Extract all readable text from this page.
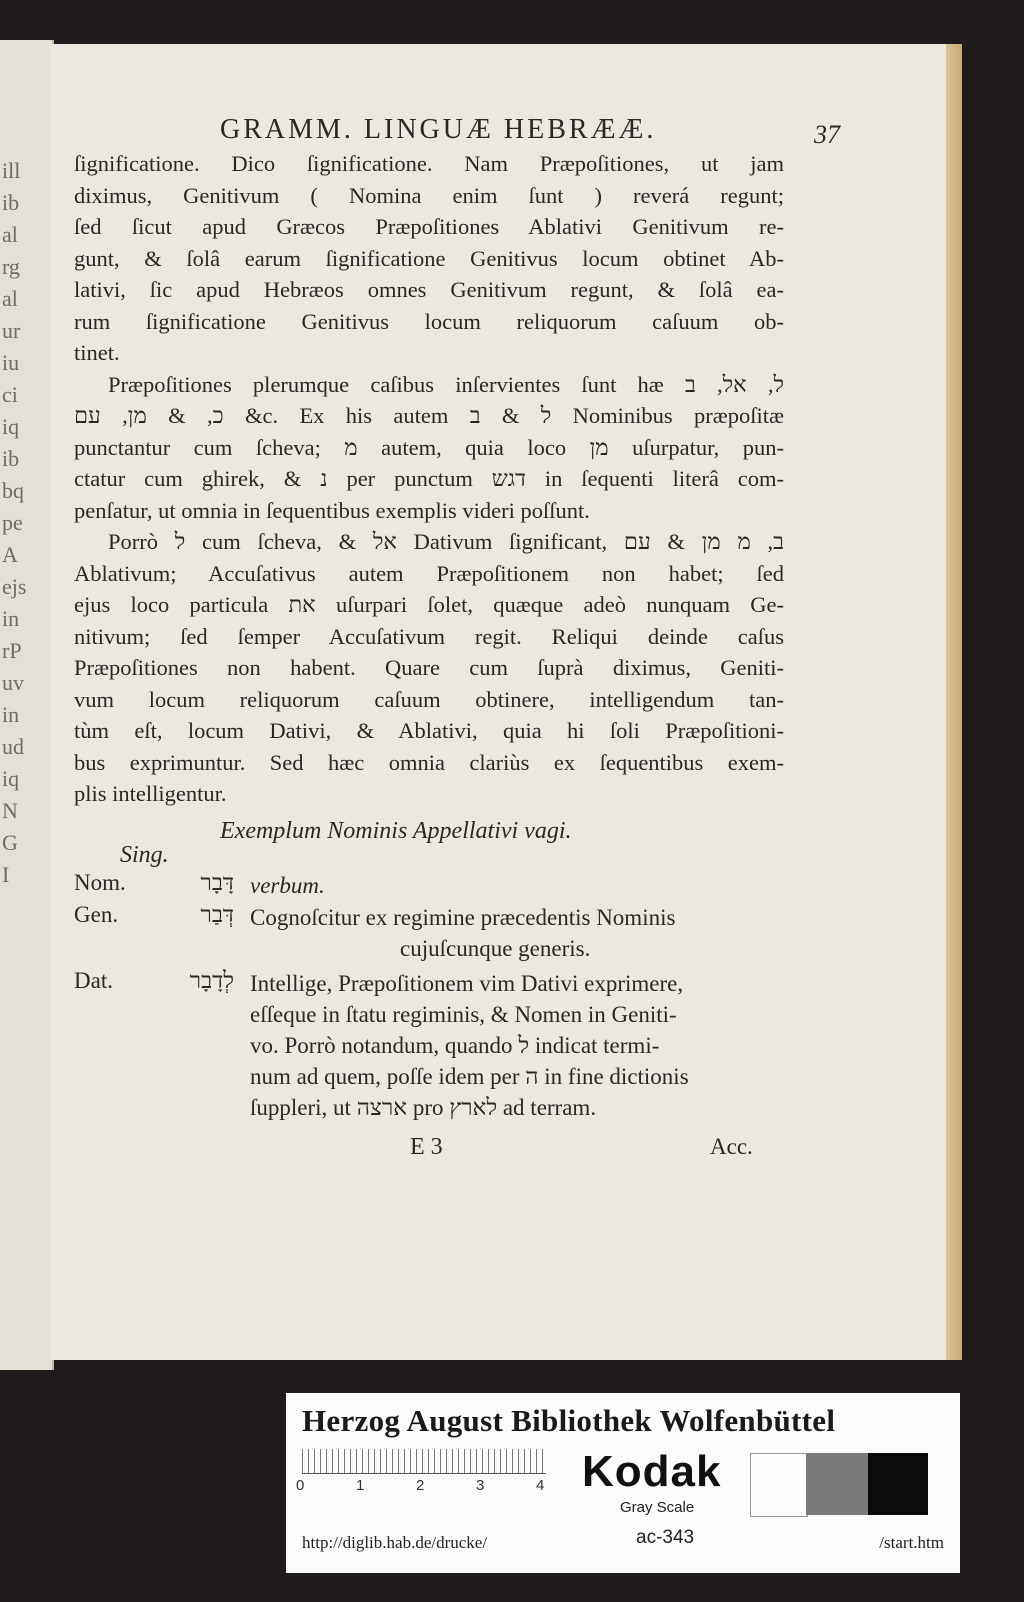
ill
ib
al
rg
al
ur
iu
ci
iq
ib
bq
pe
A
ejs
in
rP
uv
in
ud
iq
N
G
I
GRAMM. LINGUÆ HEBRÆÆ.	37
ſignificatione. Dico ſignificatione. Nam Præpoſitiones, ut jam
diximus, Genitivum ( Nomina enim ſunt ) reverá regunt;
ſed ſicut apud Græcos Præpoſitiones Ablativi Genitivum re-
gunt, & ſolâ earum ſignificatione Genitivus locum obtinet Ab-
lativi, ſic apud Hebræos omnes Genitivum regunt, & ſolâ ea-
rum ſignificatione Genitivus locum reliquorum caſuum ob-
tinet.
Præpoſitiones plerumque caſibus inſervientes ſunt hæ ל, אל, ב
כ, & מן, עם &c. Ex his autem ל & ב Nominibus præpoſitæ
punctantur cum ſcheva; מ autem, quia loco מן uſurpatur, pun-
ctatur cum ghirek, & נ per punctum דגש in ſequenti literâ com-
penſatur, ut omnia in ſequentibus exemplis videri poſſunt.
Porrò ל cum ſcheva, & אל Dativum ſignificant, ב, מ מן & עם
Ablativum; Accuſativus autem Præpoſitionem non habet; ſed
ejus loco particula את uſurpari ſolet, quæque adeò nunquam Ge-
nitivum; ſed ſemper Accuſativum regit. Reliqui deinde caſus
Præpoſitiones non habent. Quare cum ſuprà diximus, Geniti-
vum locum reliquorum caſuum obtinere, intelligendum tan-
tùm eſt, locum Dativi, & Ablativi, quia hi ſoli Præpoſitioni-
bus exprimuntur. Sed hæc omnia clariùs ex ſequentibus exem-
plis intelligentur.
Exemplum Nominis Appellativi vagi.
Sing.
Nom.	דָּבָר verbum.
Gen.	דְּבַר Cognoſcitur ex regimine præcedentis Nominis
cujuſcunque generis.
Dat.	לְדָבָר Intellige, Præpoſitionem vim Dativi exprimere,
eſſeque in ſtatu regiminis, & Nomen in Geniti-
vo. Porrò notandum, quando ל indicat termi-
num ad quem, poſſe idem per ה in fine dictionis
ſuppleri, ut ארצה pro לארץ ad terram.
E 3	Acc.
Herzog August Bibliothek Wolfenbüttel
0	1	2	3	4 Kodak
Gray Scale
http://diglib.hab.de/drucke/	ac-343	/start.htm
